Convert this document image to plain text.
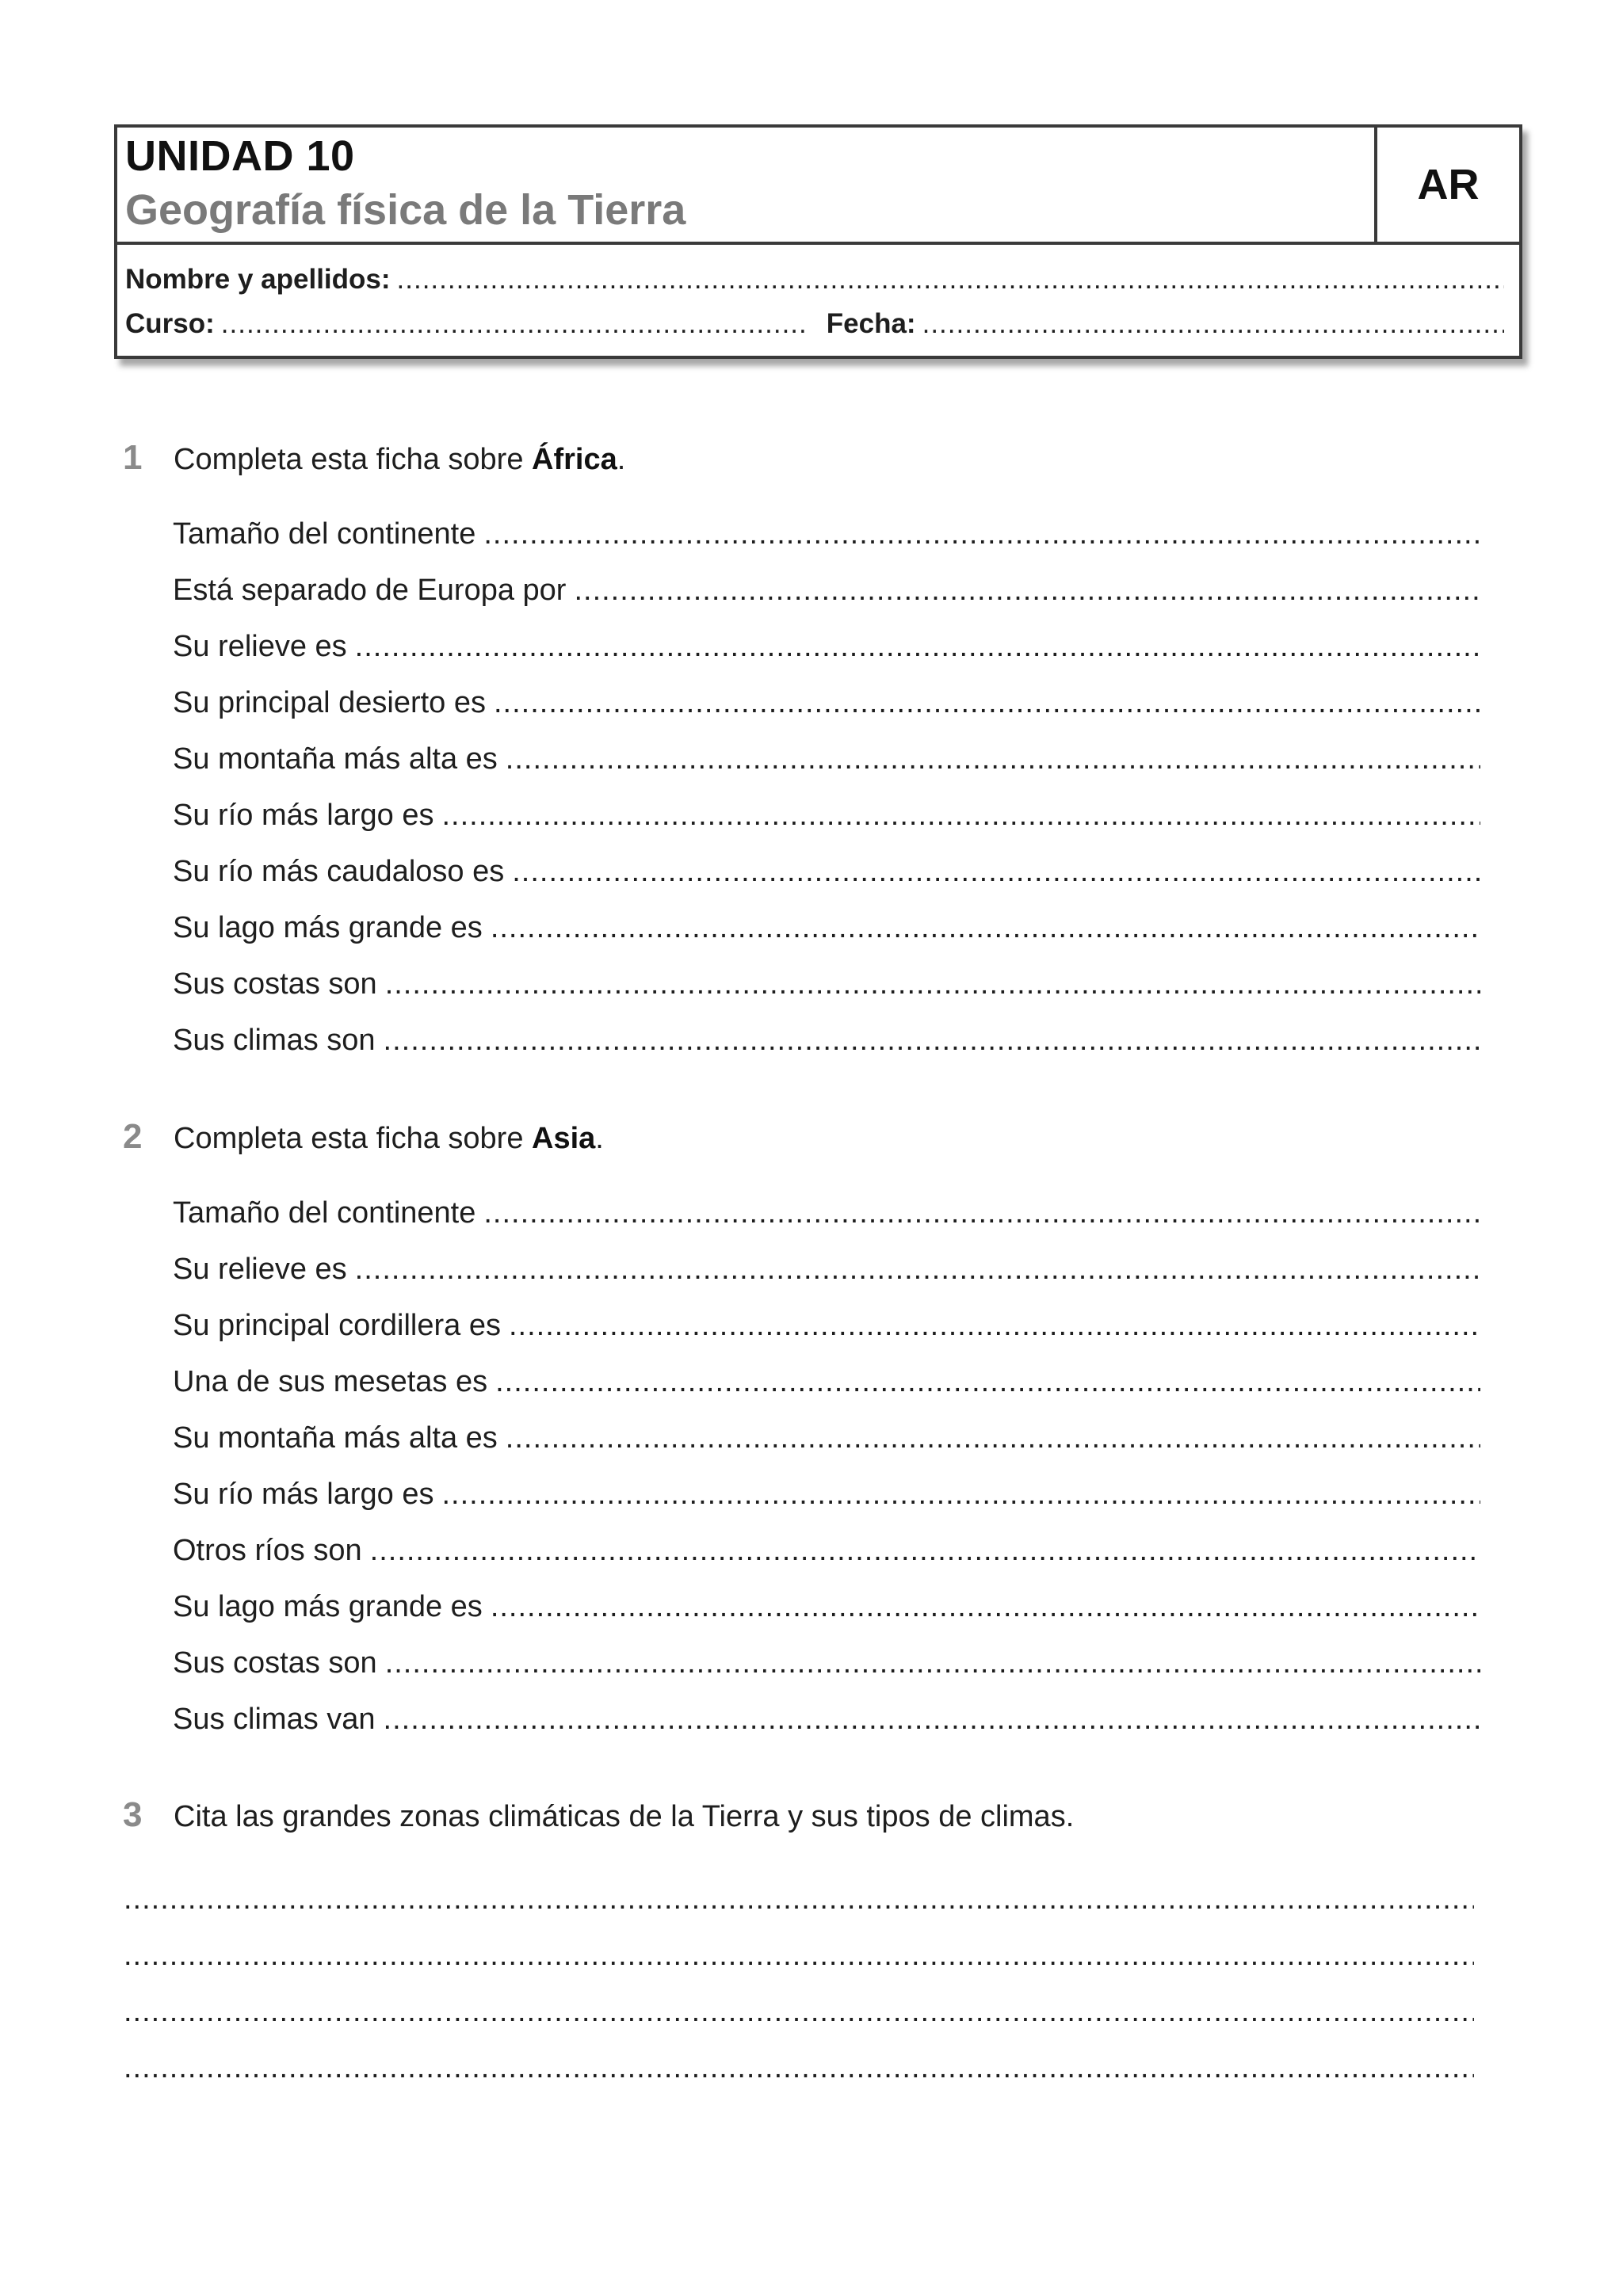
UNIDAD 10
Geografía física de la Tierra
AR
Nombre y apellidos:
.....
Curso:
.....	Fecha:
.....
1	Completa esta ficha sobre África.
Tamaño del continente
.....
Está separado de Europa por
.....
Su relieve es
.....
Su principal desierto es
.....
Su montaña más alta es
.....
Su río más largo es
.....
Su río más caudaloso es
.....
Su lago más grande es
.....
Sus costas son
.....
Sus climas son
.....
2	Completa esta ficha sobre Asia.
Tamaño del continente
.....
Su relieve es
.....
Su principal cordillera es
.....
Una de sus mesetas es
.....
Su montaña más alta es
.....
Su río más largo es
.....
Otros ríos son
.....
Su lago más grande es
.....
Sus costas son
.....
Sus climas van
.....
3	Cita las grandes zonas climáticas de la Tierra y sus tipos de climas.
.....
.....
.....
.....
